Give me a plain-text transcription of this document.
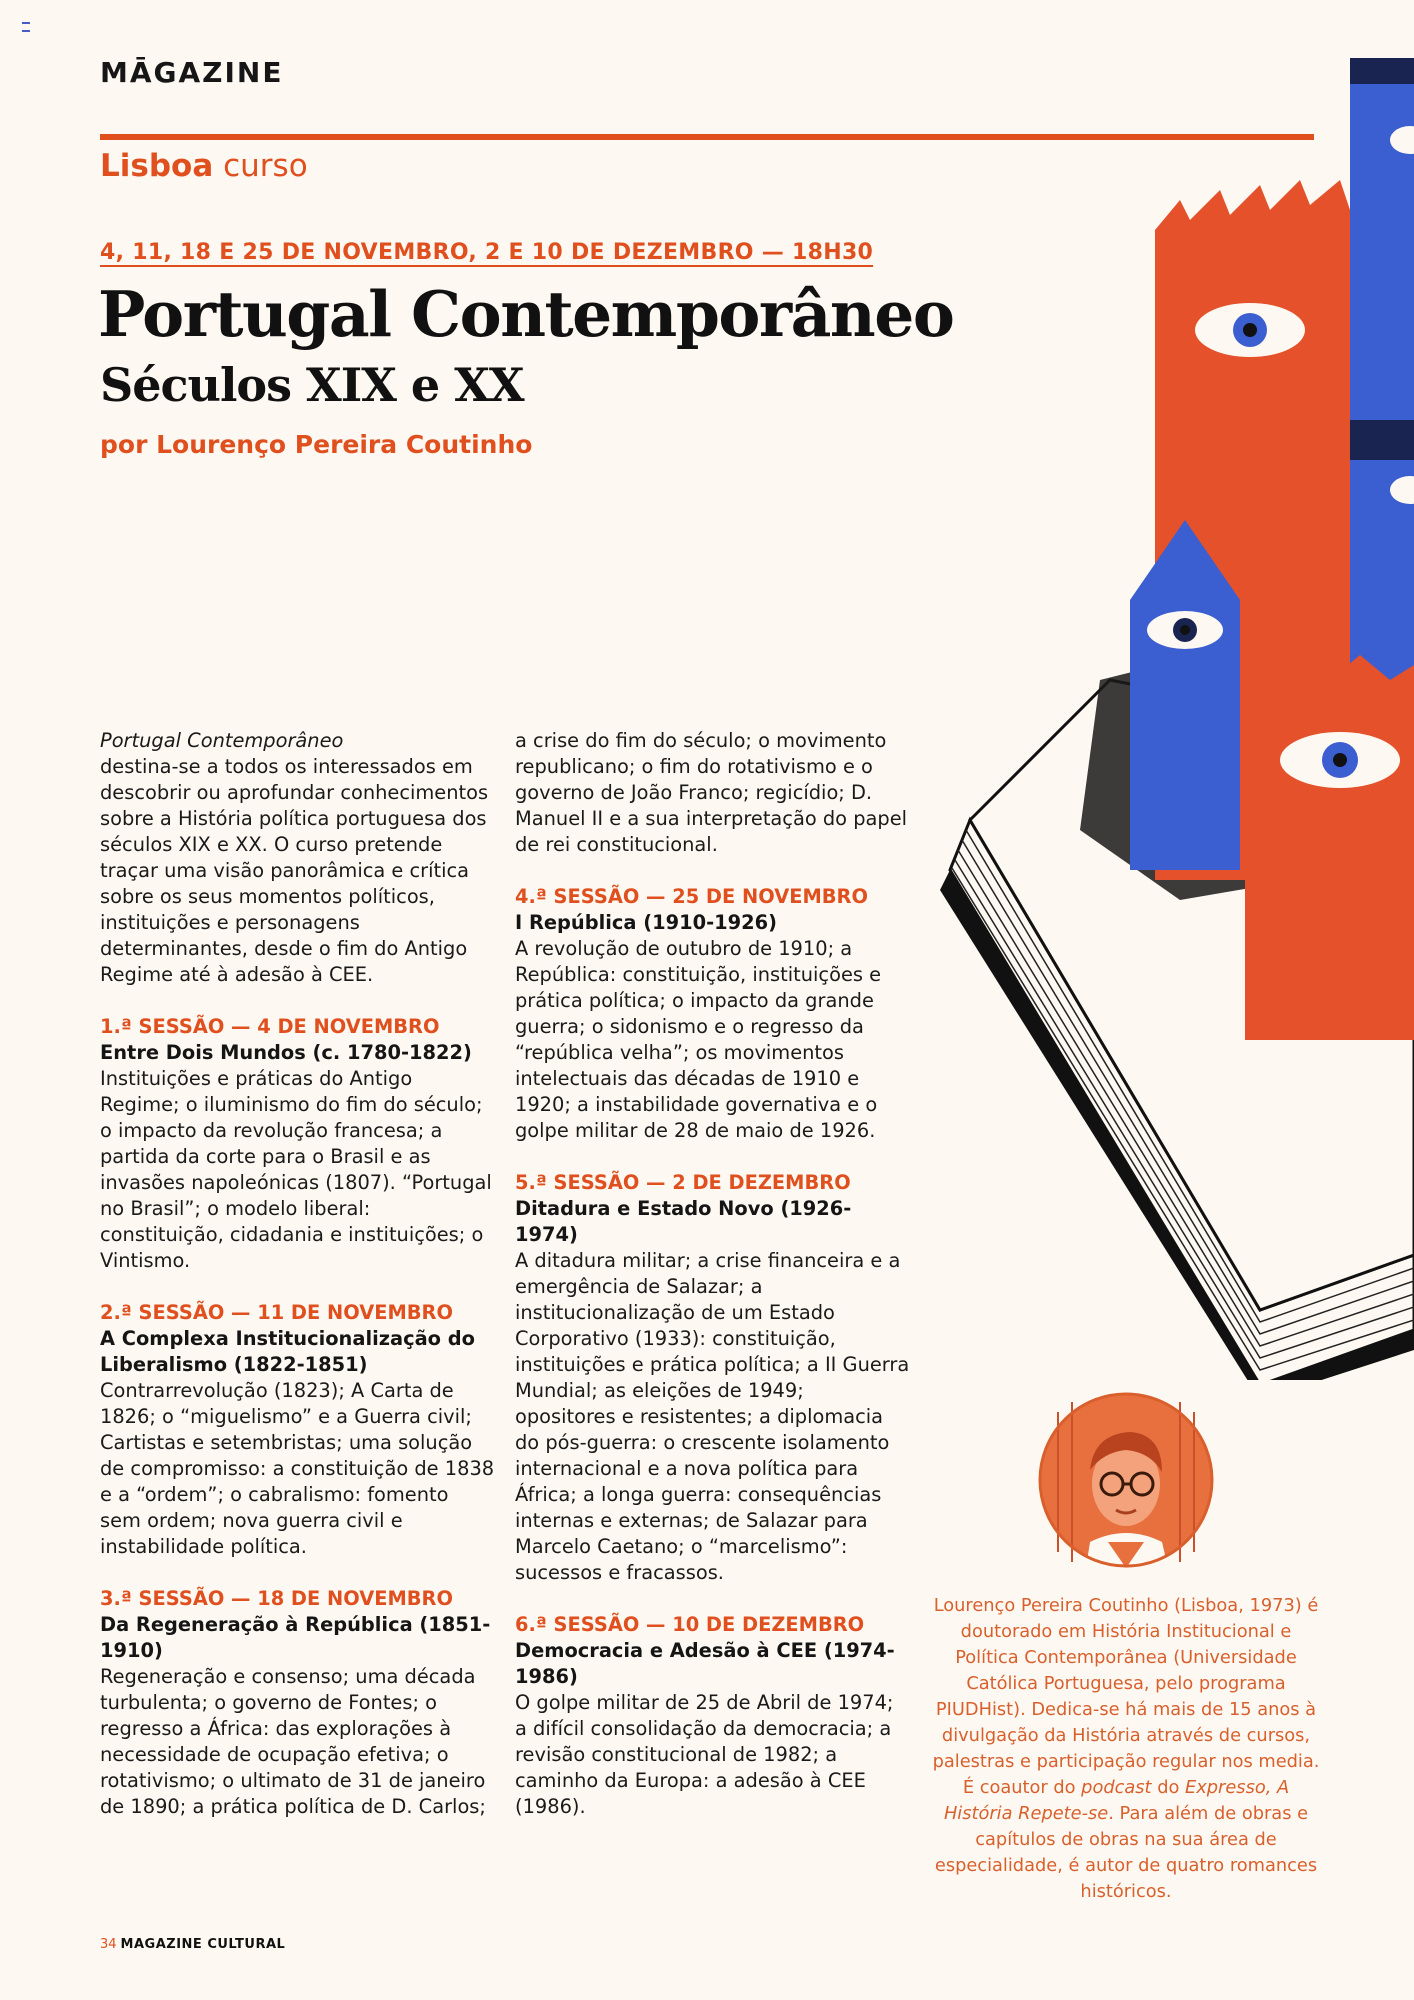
MĀGAZINE
Lisboa curso
4, 11, 18 E 25 DE NOVEMBRO, 2 E 10 DE DEZEMBRO — 18H30
Portugal Contemporâneo
Séculos XIX e XX
por Lourenço Pereira Coutinho

Portugal Contemporâneo
destina-se a todos os interessados em descobrir ou aprofundar conhecimentos sobre a História política portuguesa dos séculos XIX e XX. O curso pretende traçar uma visão panorâmica e crítica sobre os seus momentos políticos, instituições e personagens determinantes, desde o fim do Antigo Regime até à adesão à CEE.

1.ª SESSÃO — 4 DE NOVEMBRO
Entre Dois Mundos (c. 1780-1822)
Instituições e práticas do Antigo Regime; o iluminismo do fim do século; o impacto da revolução francesa; a partida da corte para o Brasil e as invasões napoleónicas (1807). “Portugal no Brasil”; o modelo liberal: constituição, cidadania e instituições; o Vintismo.
2.ª SESSÃO — 11 DE NOVEMBRO
A Complexa Institucionalização do Liberalismo (1822-1851)
Contrarrevolução (1823); A Carta de 1826; o “miguelismo” e a Guerra civil; Cartistas e setembristas; uma solução de compromisso: a constituição de 1838 e a “ordem”; o cabralismo: fomento sem ordem; nova guerra civil e instabilidade política.
3.ª SESSÃO — 18 DE NOVEMBRO
Da Regeneração à República (1851-1910)
Regeneração e consenso; uma década turbulenta; o governo de Fontes; o regresso a África: das explorações à necessidade de ocupação efetiva; o rotativismo; o ultimato de 31 de janeiro de 1890; a prática política de D. Carlos;
a crise do fim do século; o movimento republicano; o fim do rotativismo e o governo de João Franco; regicídio; D. Manuel II e a sua interpretação do papel de rei constitucional.
4.ª SESSÃO — 25 DE NOVEMBRO
I República (1910-1926)
A revolução de outubro de 1910; a República: constituição, instituições e prática política; o impacto da grande guerra; o sidonismo e o regresso da “república velha”; os movimentos intelectuais das décadas de 1910 e 1920; a instabilidade governativa e o golpe militar de 28 de maio de 1926.
5.ª SESSÃO — 2 DE DEZEMBRO
Ditadura e Estado Novo (1926-1974)
A ditadura militar; a crise financeira e a emergência de Salazar; a institucionalização de um Estado Corporativo (1933): constituição, instituições e prática política; a II Guerra Mundial; as eleições de 1949; opositores e resistentes; a diplomacia do pós-guerra: o crescente isolamento internacional e a nova política para África; a longa guerra: consequências internas e externas; de Salazar para Marcelo Caetano; o “marcelismo”: sucessos e fracassos.
6.ª SESSÃO — 10 DE DEZEMBRO
Democracia e Adesão à CEE (1974-1986)
O golpe militar de 25 de Abril de 1974; a difícil consolidação da democracia; a revisão constitucional de 1982; a caminho da Europa: a adesão à CEE (1986).
Lourenço Pereira Coutinho (Lisboa, 1973) é doutorado em História Institucional e Política Contemporânea (Universidade Católica Portuguesa, pelo programa PIUDHist). Dedica-se há mais de 15 anos à divulgação da História através de cursos, palestras e participação regular nos media. É coautor do podcast do Expresso, A História Repete-se. Para além de obras e capítulos de obras na sua área de especialidade, é autor de quatro romances históricos.
34 MAGAZINE CULTURAL
